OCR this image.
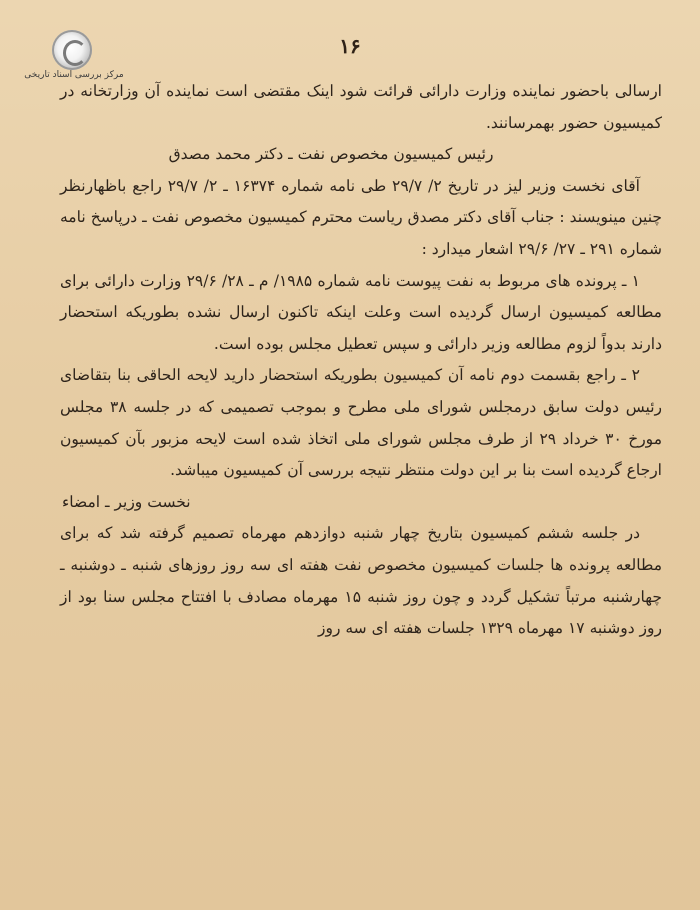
مرکز بررسی اسناد تاریخی
۱۶

ارسالی باحضور نماینده وزارت دارائی قرائت شود اینک مقتضی است نماینده آن وزارتخانه در کمیسیون حضور بهمرسانند.

رئیس کمیسیون مخصوص نفت ـ دکتر محمد مصدق

آقای نخست وزیر لیز در تاریخ ۲/ ۲۹/۷ طی نامه شماره ۱۶۳۷۴ ـ ۲/ ۲۹/۷ راجع باظهارنظر چنین مینویسند : جناب آقای دکتر مصدق ریاست محترم کمیسیون مخصوص نفت ـ درپاسخ نامه شماره ۲۹۱ ـ ۲۷/ ۲۹/۶ اشعار میدارد :

۱ ـ پرونده های مربوط به نفت پیوست نامه شماره ۱۹۸۵/ م ـ ۲۸/ ۲۹/۶ وزارت دارائی برای مطالعه کمیسیون ارسال گردیده است وعلت اینکه تاکنون ارسال نشده بطوریکه استحضار دارند بدواً لزوم مطالعه وزیر دارائی و سپس تعطیل مجلس بوده است.

۲ ـ راجع بقسمت دوم نامه آن کمیسیون بطوریکه استحضار دارید لایحه الحاقی بنا بتقاضای رئیس دولت سابق درمجلس شورای ملی مطرح و بموجب تصمیمی که در جلسه ۳۸ مجلس مورخ ۳۰ خرداد ۲۹ از طرف مجلس شورای ملی اتخاذ شده است لایحه مزبور بآن کمیسیون ارجاع گردیده است بنا بر این دولت منتظر نتیجه بررسی آن کمیسیون میباشد.

نخست وزیر ـ امضاء

در جلسه ششم کمیسیون بتاریخ چهار شنبه دوازدهم مهرماه تصمیم گرفته شد که برای مطالعه پرونده ها جلسات کمیسیون مخصوص نفت هفته ای سه روز روزهای شنبه ـ دوشنبه ـ چهارشنبه مرتباً تشکیل گردد و چون روز شنبه ۱۵ مهرماه مصادف با افتتاح مجلس سنا بود از روز دوشنبه ۱۷ مهرماه ۱۳۲۹ جلسات هفته ای سه روز
